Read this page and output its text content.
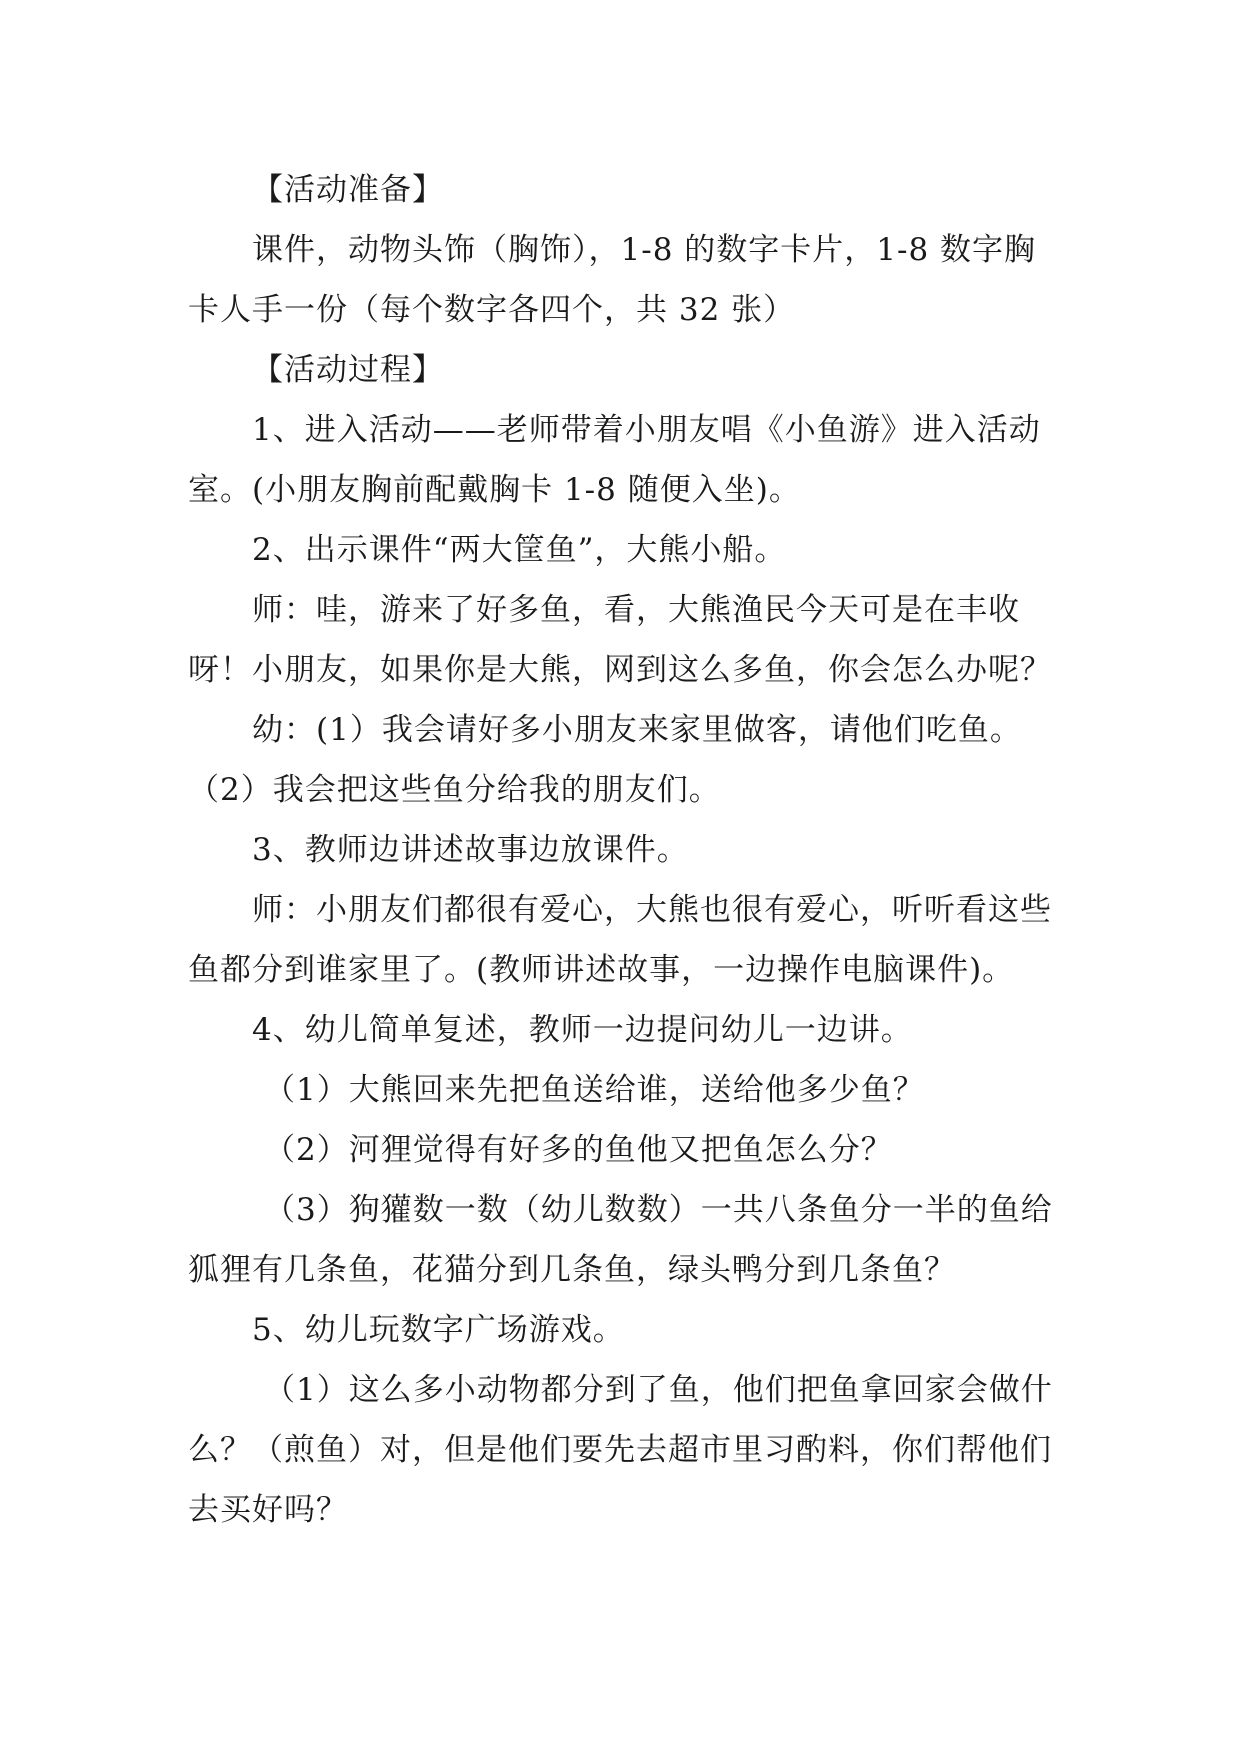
【活动准备】

课件，动物头饰（胸饰），1-8 的数字卡片，1-8 数字胸卡人手一份（每个数字各四个，共 32 张）

【活动过程】

1、进入活动——老师带着小朋友唱《小鱼游》进入活动室。(小朋友胸前配戴胸卡 1-8 随便入坐)。

2、出示课件“两大筐鱼”，大熊小船。

师：哇，游来了好多鱼，看，大熊渔民今天可是在丰收呀！小朋友，如果你是大熊，网到这么多鱼，你会怎么办呢？

幼：(1）我会请好多小朋友来家里做客，请他们吃鱼。

（2）我会把这些鱼分给我的朋友们。

3、教师边讲述故事边放课件。

师：小朋友们都很有爱心，大熊也很有爱心，听听看这些鱼都分到谁家里了。(教师讲述故事，一边操作电脑课件)。

4、幼儿简单复述，教师一边提问幼儿一边讲。

（1）大熊回来先把鱼送给谁，送给他多少鱼？

（2）河狸觉得有好多的鱼他又把鱼怎么分？

（3）狗獾数一数（幼儿数数）一共八条鱼分一半的鱼给狐狸有几条鱼，花猫分到几条鱼，绿头鸭分到几条鱼？

5、幼儿玩数字广场游戏。

（1）这么多小动物都分到了鱼，他们把鱼拿回家会做什么？（煎鱼）对，但是他们要先去超市里习酌料，你们帮他们去买好吗？
